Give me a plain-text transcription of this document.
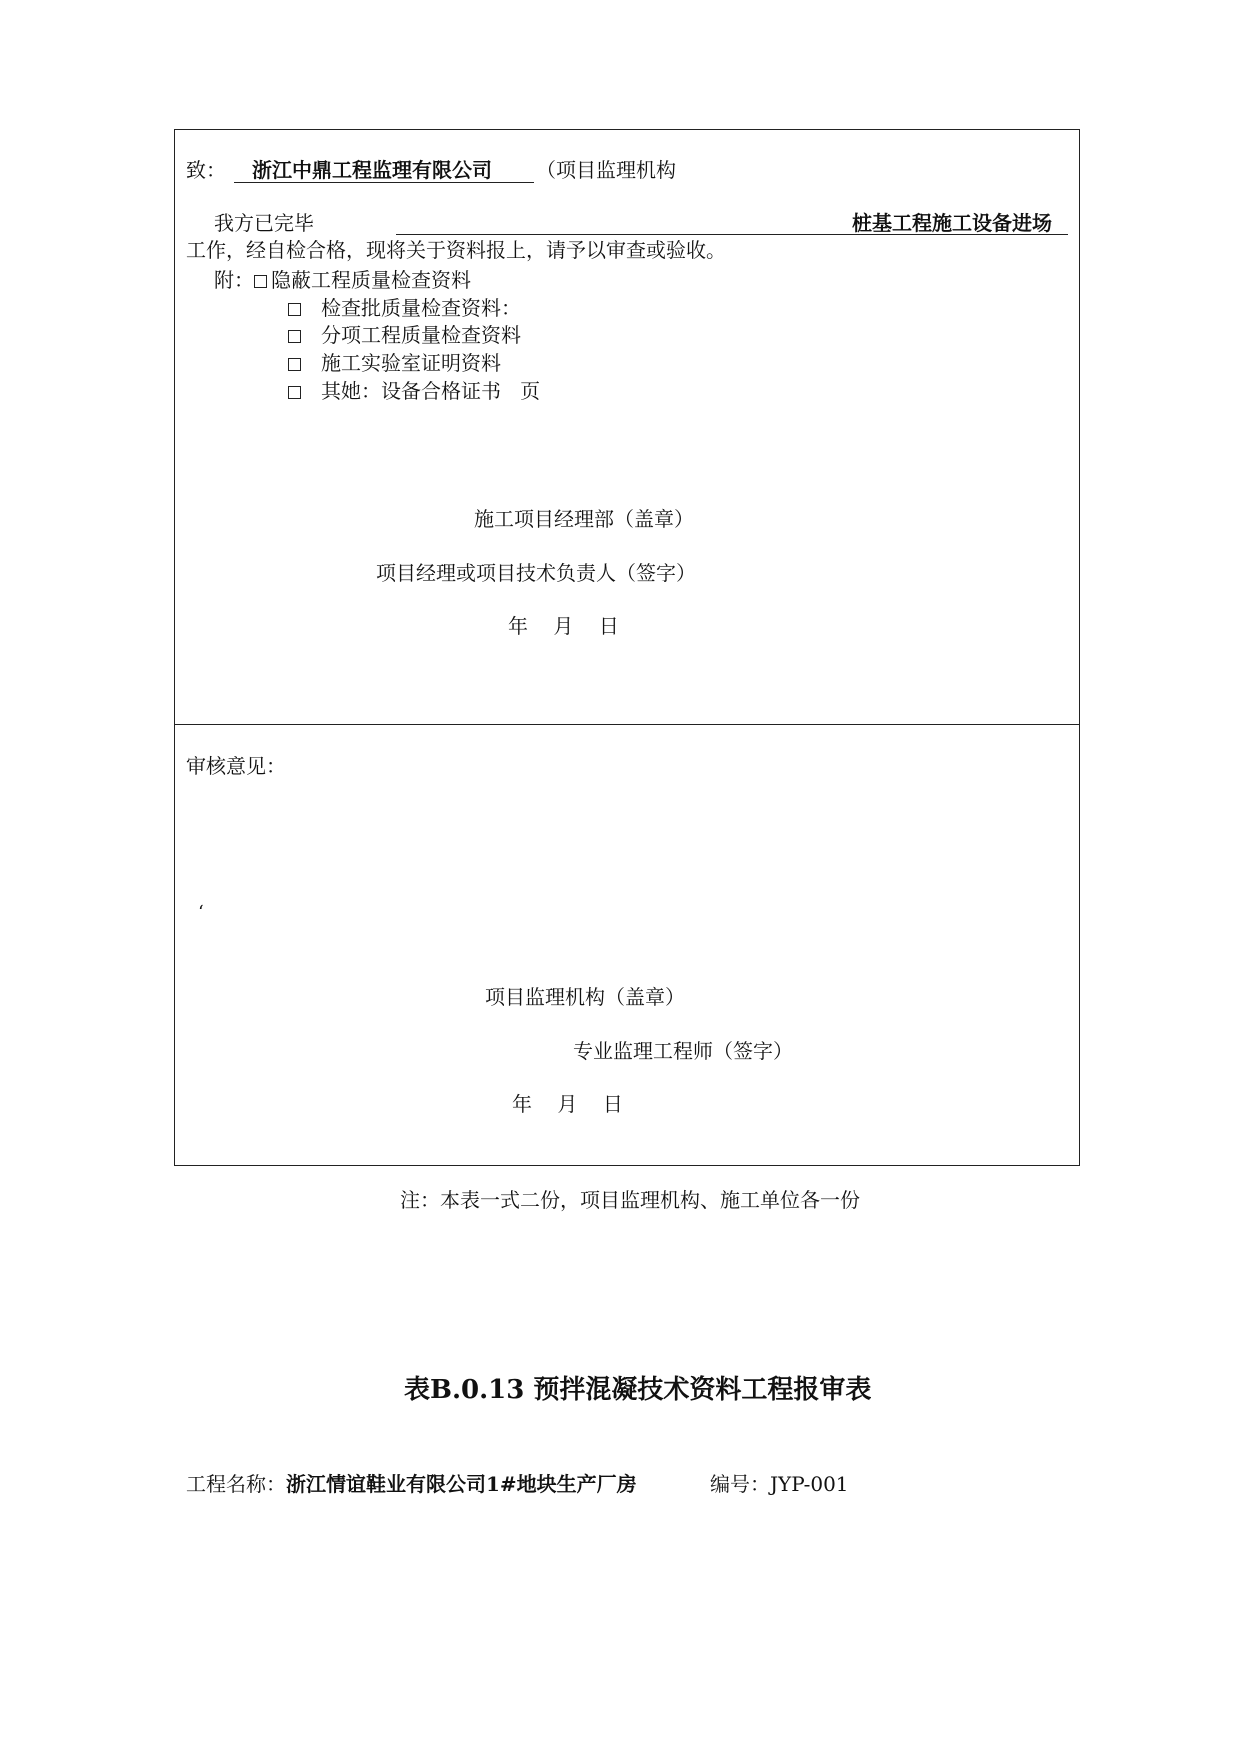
致： 浙江中鼎工程监理有限公司 （项目监理机构
我方已完毕	桩基工程施工设备进场
工作，经自检合格，现将关于资料报上，请予以审查或验收。
附： 隐蔽工程质量检查资料
检查批质量检查资料：
分项工程质量检查资料
施工实验室证明资料
其她：设备合格证书   页
施工项目经理部（盖章）
项目经理或项目技术负责人（签字）
年    月    日
审核意见：
‘
项目监理机构（盖章）
专业监理工程师（签字）
年    月    日
注：本表一式二份，项目监理机构、施工单位各一份
表B.0.13 预拌混凝技术资料工程报审表
工程名称：浙江情谊鞋业有限公司1#地块生产厂房	编号：JYP-001
